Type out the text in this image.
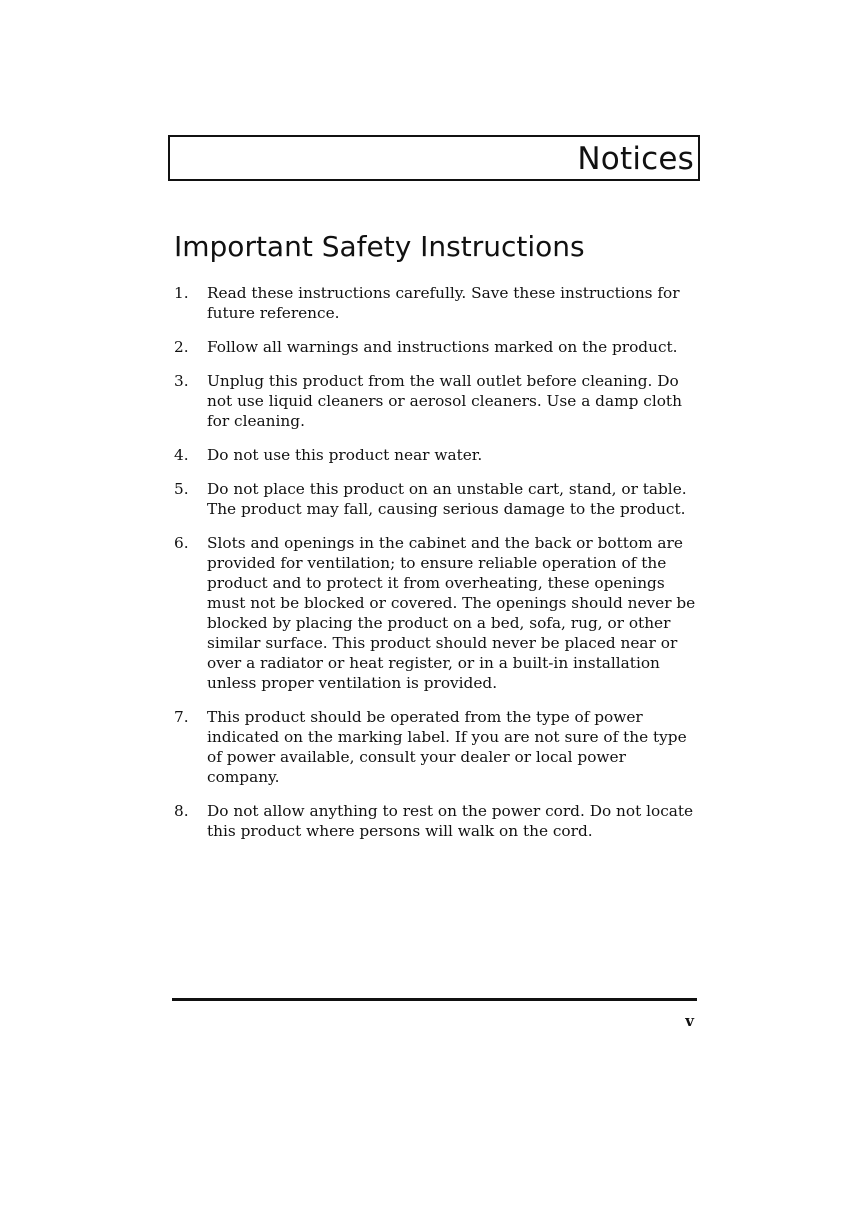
Notices
Important Safety Instructions
1. Read these instructions carefully. Save these instructions for future reference.
2. Follow all warnings and instructions marked on the product.
3. Unplug this product from the wall outlet before cleaning. Do not use liquid cleaners or aerosol cleaners. Use a damp cloth for cleaning.
4. Do not use this product near water.
5. Do not place this product on an unstable cart, stand, or table. The product may fall, causing serious damage to the product.
6. Slots and openings in the cabinet and the back or bottom are provided for ventilation; to ensure reliable operation of the product and to protect it from overheating, these openings must not be blocked or covered. The openings should never be blocked by placing the product on a bed, sofa, rug, or other similar surface. This product should never be placed near or over a radiator or heat register, or in a built-in installation unless proper ventilation is provided.
7. This product should be operated from the type of power indicated on the marking label. If you are not sure of the type of power available, consult your dealer or local power company.
8. Do not allow anything to rest on the power cord. Do not locate this product where persons will walk on the cord.
v
